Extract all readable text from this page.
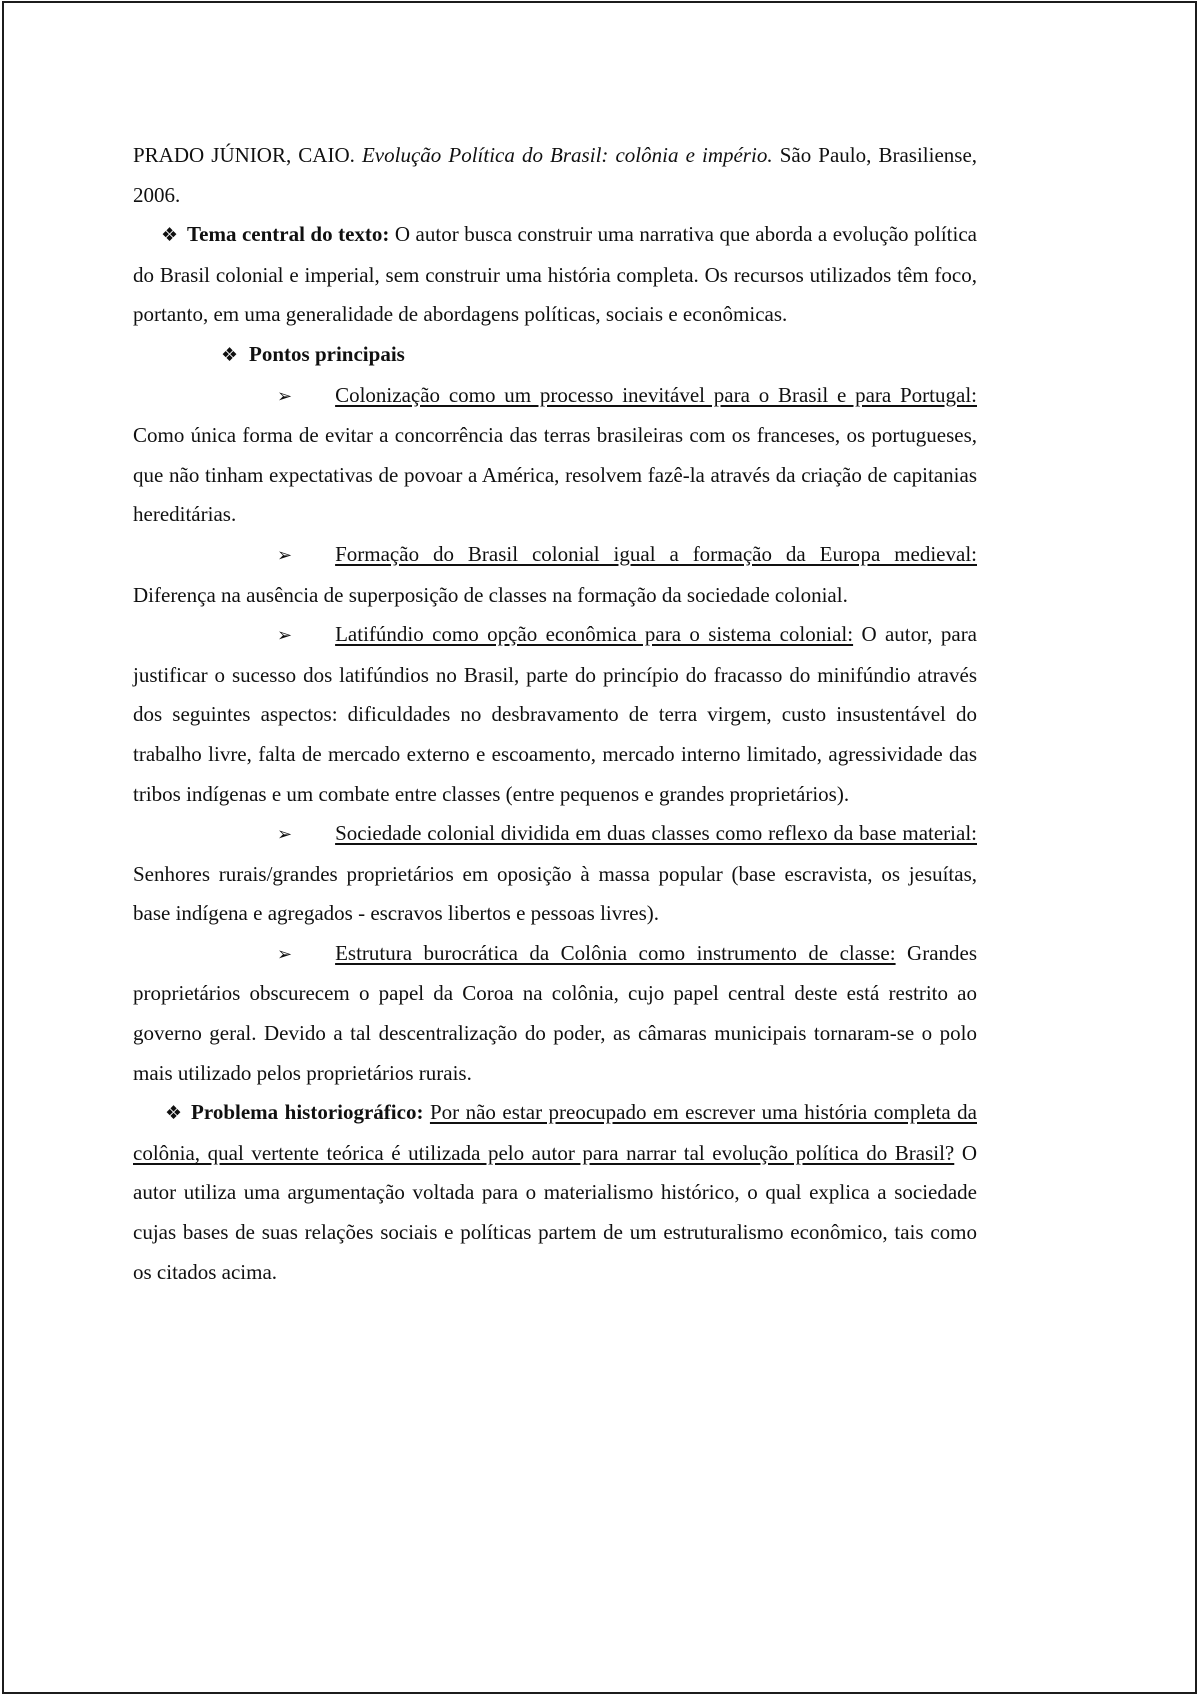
PRADO JÚNIOR, CAIO. Evolução Política do Brasil: colônia e império. São Paulo, Brasiliense, 2006.

❖ Tema central do texto: O autor busca construir uma narrativa que aborda a evolução política do Brasil colonial e imperial, sem construir uma história completa. Os recursos utilizados têm foco, portanto, em uma generalidade de abordagens políticas, sociais e econômicas.

❖ Pontos principais

➢ Colonização como um processo inevitável para o Brasil e para Portugal: Como única forma de evitar a concorrência das terras brasileiras com os franceses, os portugueses, que não tinham expectativas de povoar a América, resolvem fazê-la através da criação de capitanias hereditárias.

➢ Formação do Brasil colonial igual a formação da Europa medieval: Diferença na ausência de superposição de classes na formação da sociedade colonial.

➢ Latifúndio como opção econômica para o sistema colonial: O autor, para justificar o sucesso dos latifúndios no Brasil, parte do princípio do fracasso do minifúndio através dos seguintes aspectos: dificuldades no desbravamento de terra virgem, custo insustentável do trabalho livre, falta de mercado externo e escoamento, mercado interno limitado, agressividade das tribos indígenas e um combate entre classes (entre pequenos e grandes proprietários).

➢ Sociedade colonial dividida em duas classes como reflexo da base material: Senhores rurais/grandes proprietários em oposição à massa popular (base escravista, os jesuítas, base indígena e agregados - escravos libertos e pessoas livres).

➢ Estrutura burocrática da Colônia como instrumento de classe: Grandes proprietários obscurecem o papel da Coroa na colônia, cujo papel central deste está restrito ao governo geral. Devido a tal descentralização do poder, as câmaras municipais tornaram-se o polo mais utilizado pelos proprietários rurais.

❖ Problema historiográfico: Por não estar preocupado em escrever uma história completa da colônia, qual vertente teórica é utilizada pelo autor para narrar tal evolução política do Brasil? O autor utiliza uma argumentação voltada para o materialismo histórico, o qual explica a sociedade cujas bases de suas relações sociais e políticas partem de um estruturalismo econômico, tais como os citados acima.
